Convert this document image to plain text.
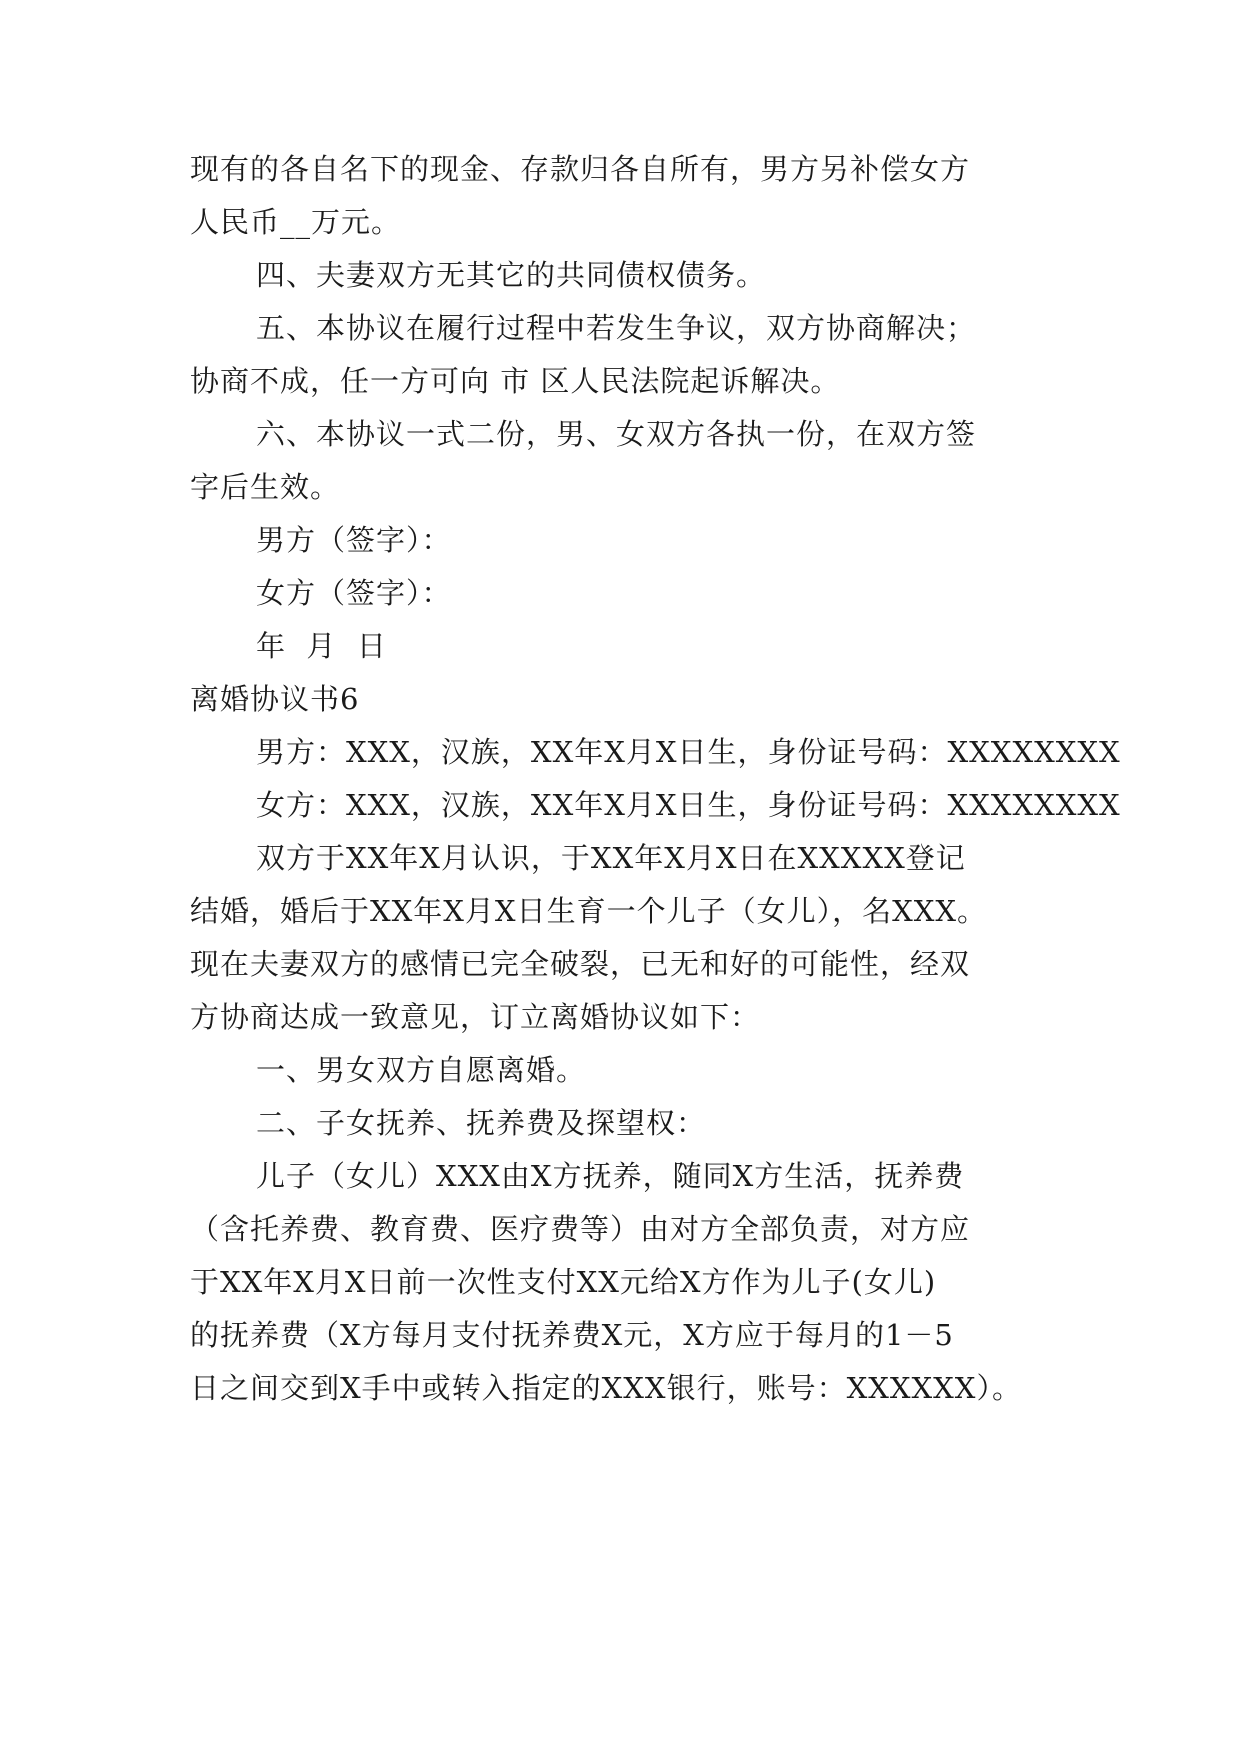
现有的各自名下的现金、存款归各自所有，男方另补偿女方
人民币__万元。
四、夫妻双方无其它的共同债权债务。
五、本协议在履行过程中若发生争议，双方协商解决；
协商不成，任一方可向 市 区人民法院起诉解决。
六、本协议一式二份，男、女双方各执一份，在双方签
字后生效。
男方（签字）：
女方（签字）：
年  月  日
离婚协议书6
男方：XXX，汉族，XX年X月X日生，身份证号码：XXXXXXXX
女方：XXX，汉族，XX年X月X日生，身份证号码：XXXXXXXX
双方于XX年X月认识，于XX年X月X日在XXXXX登记
结婚，婚后于XX年X月X日生育一个儿子（女儿），名XXX。
现在夫妻双方的感情已完全破裂，已无和好的可能性，经双
方协商达成一致意见，订立离婚协议如下：
一、男女双方自愿离婚。
二、子女抚养、抚养费及探望权：
儿子（女儿）XXX由X方抚养，随同X方生活，抚养费
（含托养费、教育费、医疗费等）由对方全部负责，对方应
于XX年X月X日前一次性支付XX元给X方作为儿子(女儿)
的抚养费（X方每月支付抚养费X元，X方应于每月的1－5
日之间交到X手中或转入指定的XXX银行，账号：XXXXXX）。
